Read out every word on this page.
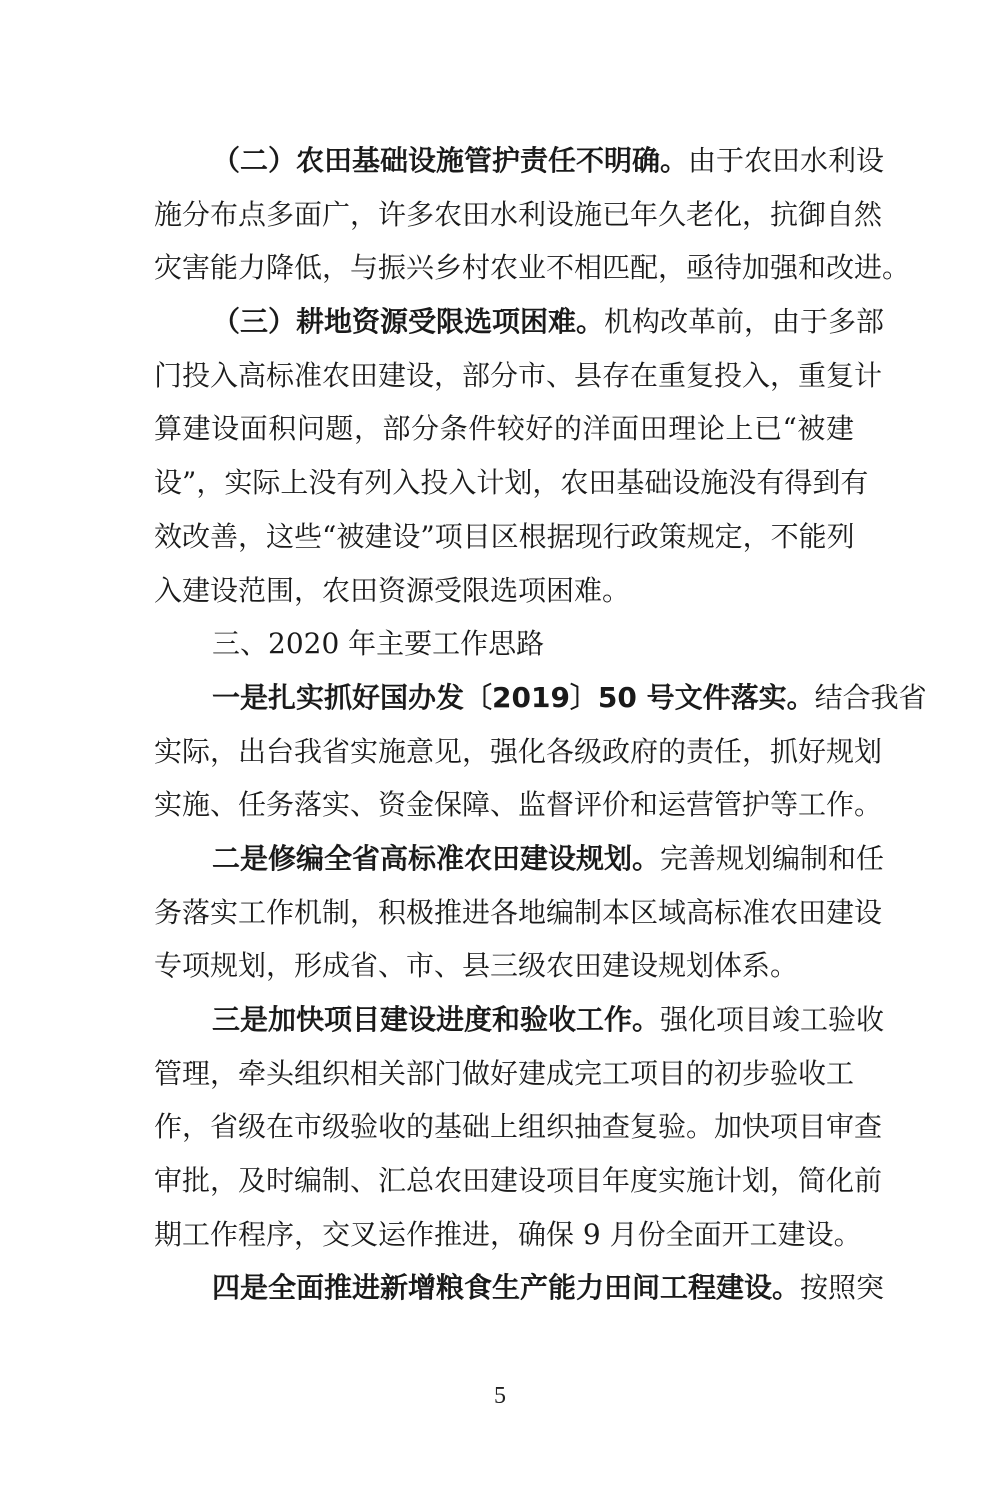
（二）农田基础设施管护责任不明确。由于农田水利设
施分布点多面广，许多农田水利设施已年久老化，抗御自然
灾害能力降低，与振兴乡村农业不相匹配，亟待加强和改进。
（三）耕地资源受限选项困难。机构改革前，由于多部
门投入高标准农田建设，部分市、县存在重复投入，重复计
算建设面积问题，部分条件较好的洋面田理论上已“被建
设”，实际上没有列入投入计划，农田基础设施没有得到有
效改善，这些“被建设”项目区根据现行政策规定，不能列
入建设范围，农田资源受限选项困难。
三、2020 年主要工作思路
一是扎实抓好国办发〔2019〕50 号文件落实。结合我省
实际，出台我省实施意见，强化各级政府的责任，抓好规划
实施、任务落实、资金保障、监督评价和运营管护等工作。
二是修编全省高标准农田建设规划。完善规划编制和任
务落实工作机制，积极推进各地编制本区域高标准农田建设
专项规划，形成省、市、县三级农田建设规划体系。
三是加快项目建设进度和验收工作。强化项目竣工验收
管理，牵头组织相关部门做好建成完工项目的初步验收工
作，省级在市级验收的基础上组织抽查复验。加快项目审查
审批，及时编制、汇总农田建设项目年度实施计划，简化前
期工作程序，交叉运作推进，确保 9 月份全面开工建设。
四是全面推进新增粮食生产能力田间工程建设。按照突
5
